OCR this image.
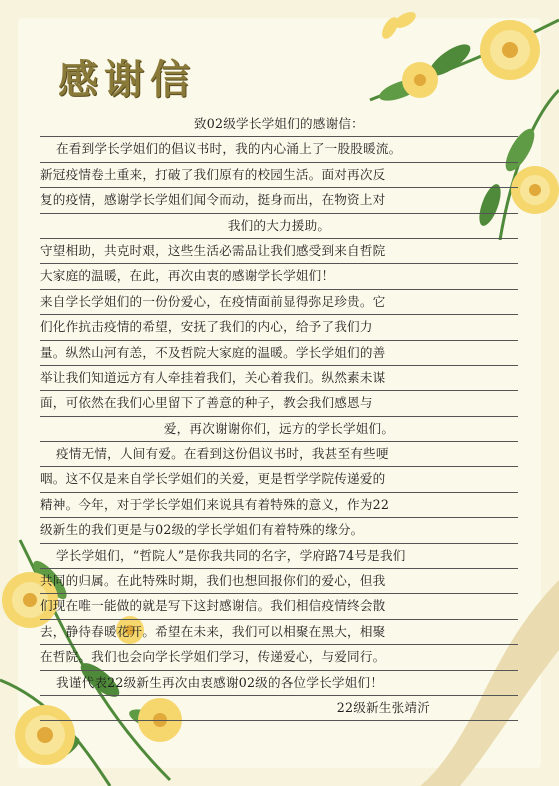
感谢信
致02级学长学姐们的感谢信：
在看到学长学姐们的倡议书时，我的内心涌上了一股股暖流。
新冠疫情卷土重来，打破了我们原有的校园生活。面对再次反
复的疫情，感谢学长学姐们闻令而动，挺身而出，在物资上对
我们的大力援助。
守望相助，共克时艰，这些生活必需品让我们感受到来自哲院
大家庭的温暖，在此，再次由衷的感谢学长学姐们！
来自学长学姐们的一份份爱心，在疫情面前显得弥足珍贵。它
们化作抗击疫情的希望，安抚了我们的内心，给予了我们力
量。纵然山河有恙，不及哲院大家庭的温暖。学长学姐们的善
举让我们知道远方有人牵挂着我们，关心着我们。纵然素未谋
面，可依然在我们心里留下了善意的种子，教会我们感恩与
爱，再次谢谢你们，远方的学长学姐们。
疫情无情，人间有爱。在看到这份倡议书时，我甚至有些哽
咽。这不仅是来自学长学姐们的关爱，更是哲学学院传递爱的
精神。今年，对于学长学姐们来说具有着特殊的意义，作为22
级新生的我们更是与02级的学长学姐们有着特殊的缘分。
学长学姐们，“哲院人”是你我共同的名字，学府路74号是我们
共同的归属。在此特殊时期，我们也想回报你们的爱心，但我
们现在唯一能做的就是写下这封感谢信。我们相信疫情终会散
去，静待春暖花开。希望在未来，我们可以相聚在黑大，相聚
在哲院。我们也会向学长学姐们学习，传递爱心，与爱同行。
我谨代表22级新生再次由衷感谢02级的各位学长学姐们！
22级新生张靖沂
